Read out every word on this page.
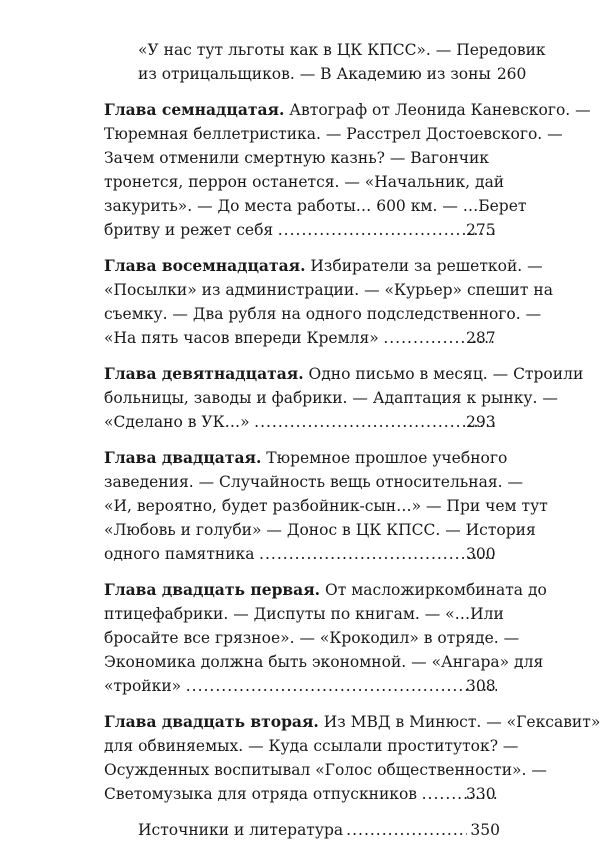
«У нас тут льготы как в ЦК КПСС». — Передовик
из отрицальщиков. — В Академию из зоны 260
Глава семнадцатая. Автограф от Леонида Каневского. —
Тюремная беллетристика. — Расстрел Достоевского. —
Зачем отменили смертную казнь? — Вагончик
тронется, перрон останется. — «Начальник, дай
закурить». — До места работы… 600 км. — …Берет
бритву и режет себя .....	275
Глава восемнадцатая. Избиратели за решеткой. —
«Посылки» из администрации. — «Курьер» спешит на
съемку. — Два рубля на одного подследственного. —
«На пять часов впереди Кремля» .....	287
Глава девятнадцатая. Одно письмо в месяц. — Строили
больницы, заводы и фабрики. — Адаптация к рынку. —
«Сделано в УК…» .....	293
Глава двадцатая. Тюремное прошлое учебного
заведения. — Случайность вещь относительная. —
«И, вероятно, будет разбойник-сын…» — При чем тут
«Любовь и голуби» — Донос в ЦК КПСС. — История
одного памятника .....	300
Глава двадцать первая. От масложиркомбината до
птицефабрики. — Диспуты по книгам. — «…Или
бросайте все грязное». — «Крокодил» в отряде. —
Экономика должна быть экономной. — «Ангара» для
«тройки» .....	308
Глава двадцать вторая. Из МВД в Минюст. — «Гексавит»
для обвиняемых. — Куда ссылали проституток? —
Осужденных воспитывал «Голос общественности». —
Светомузыка для отряда отпускников .....	330
Источники и литература .....	350
